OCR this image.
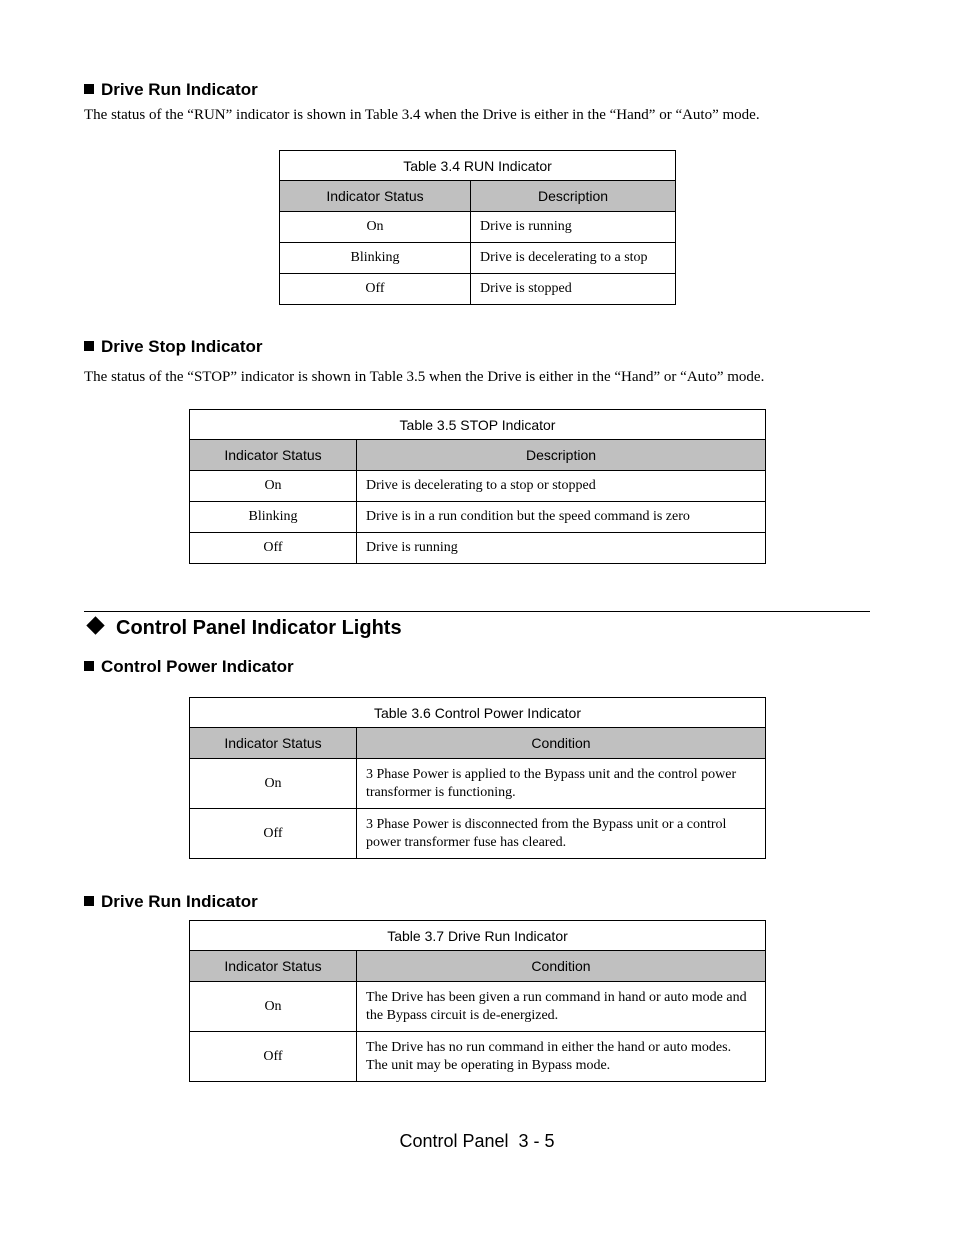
Drive Run Indicator
The status of the “RUN” indicator is shown in Table 3.4 when the Drive is either in the “Hand” or “Auto” mode.
Table 3.4 RUN Indicator	
Indicator Status	Description
On	Drive is running
Blinking	Drive is decelerating to a stop
Off	Drive is stopped
Drive Stop Indicator
The status of the “STOP” indicator is shown in Table 3.5 when the Drive is either in the “Hand” or “Auto” mode.
Table 3.5 STOP Indicator	
Indicator Status	Description
On	Drive is decelerating to a stop or stopped
Blinking	Drive is in a run condition but the speed command is zero
Off	Drive is running
Control Panel Indicator Lights
Control Power Indicator
Table 3.6 Control Power Indicator	
Indicator Status	Condition
On	3 Phase Power is applied to the Bypass unit and the control power transformer is functioning.
Off	3 Phase Power is disconnected from the Bypass unit or a control power transformer fuse has cleared.
Drive Run Indicator
Table 3.7 Drive Run Indicator	
Indicator Status	Condition
On	The Drive has been given a run command in hand or auto mode and the Bypass circuit is de-energized.
Off	The Drive has no run command in either the hand or auto modes. The unit may be operating in Bypass mode.
Control Panel  3 - 5
